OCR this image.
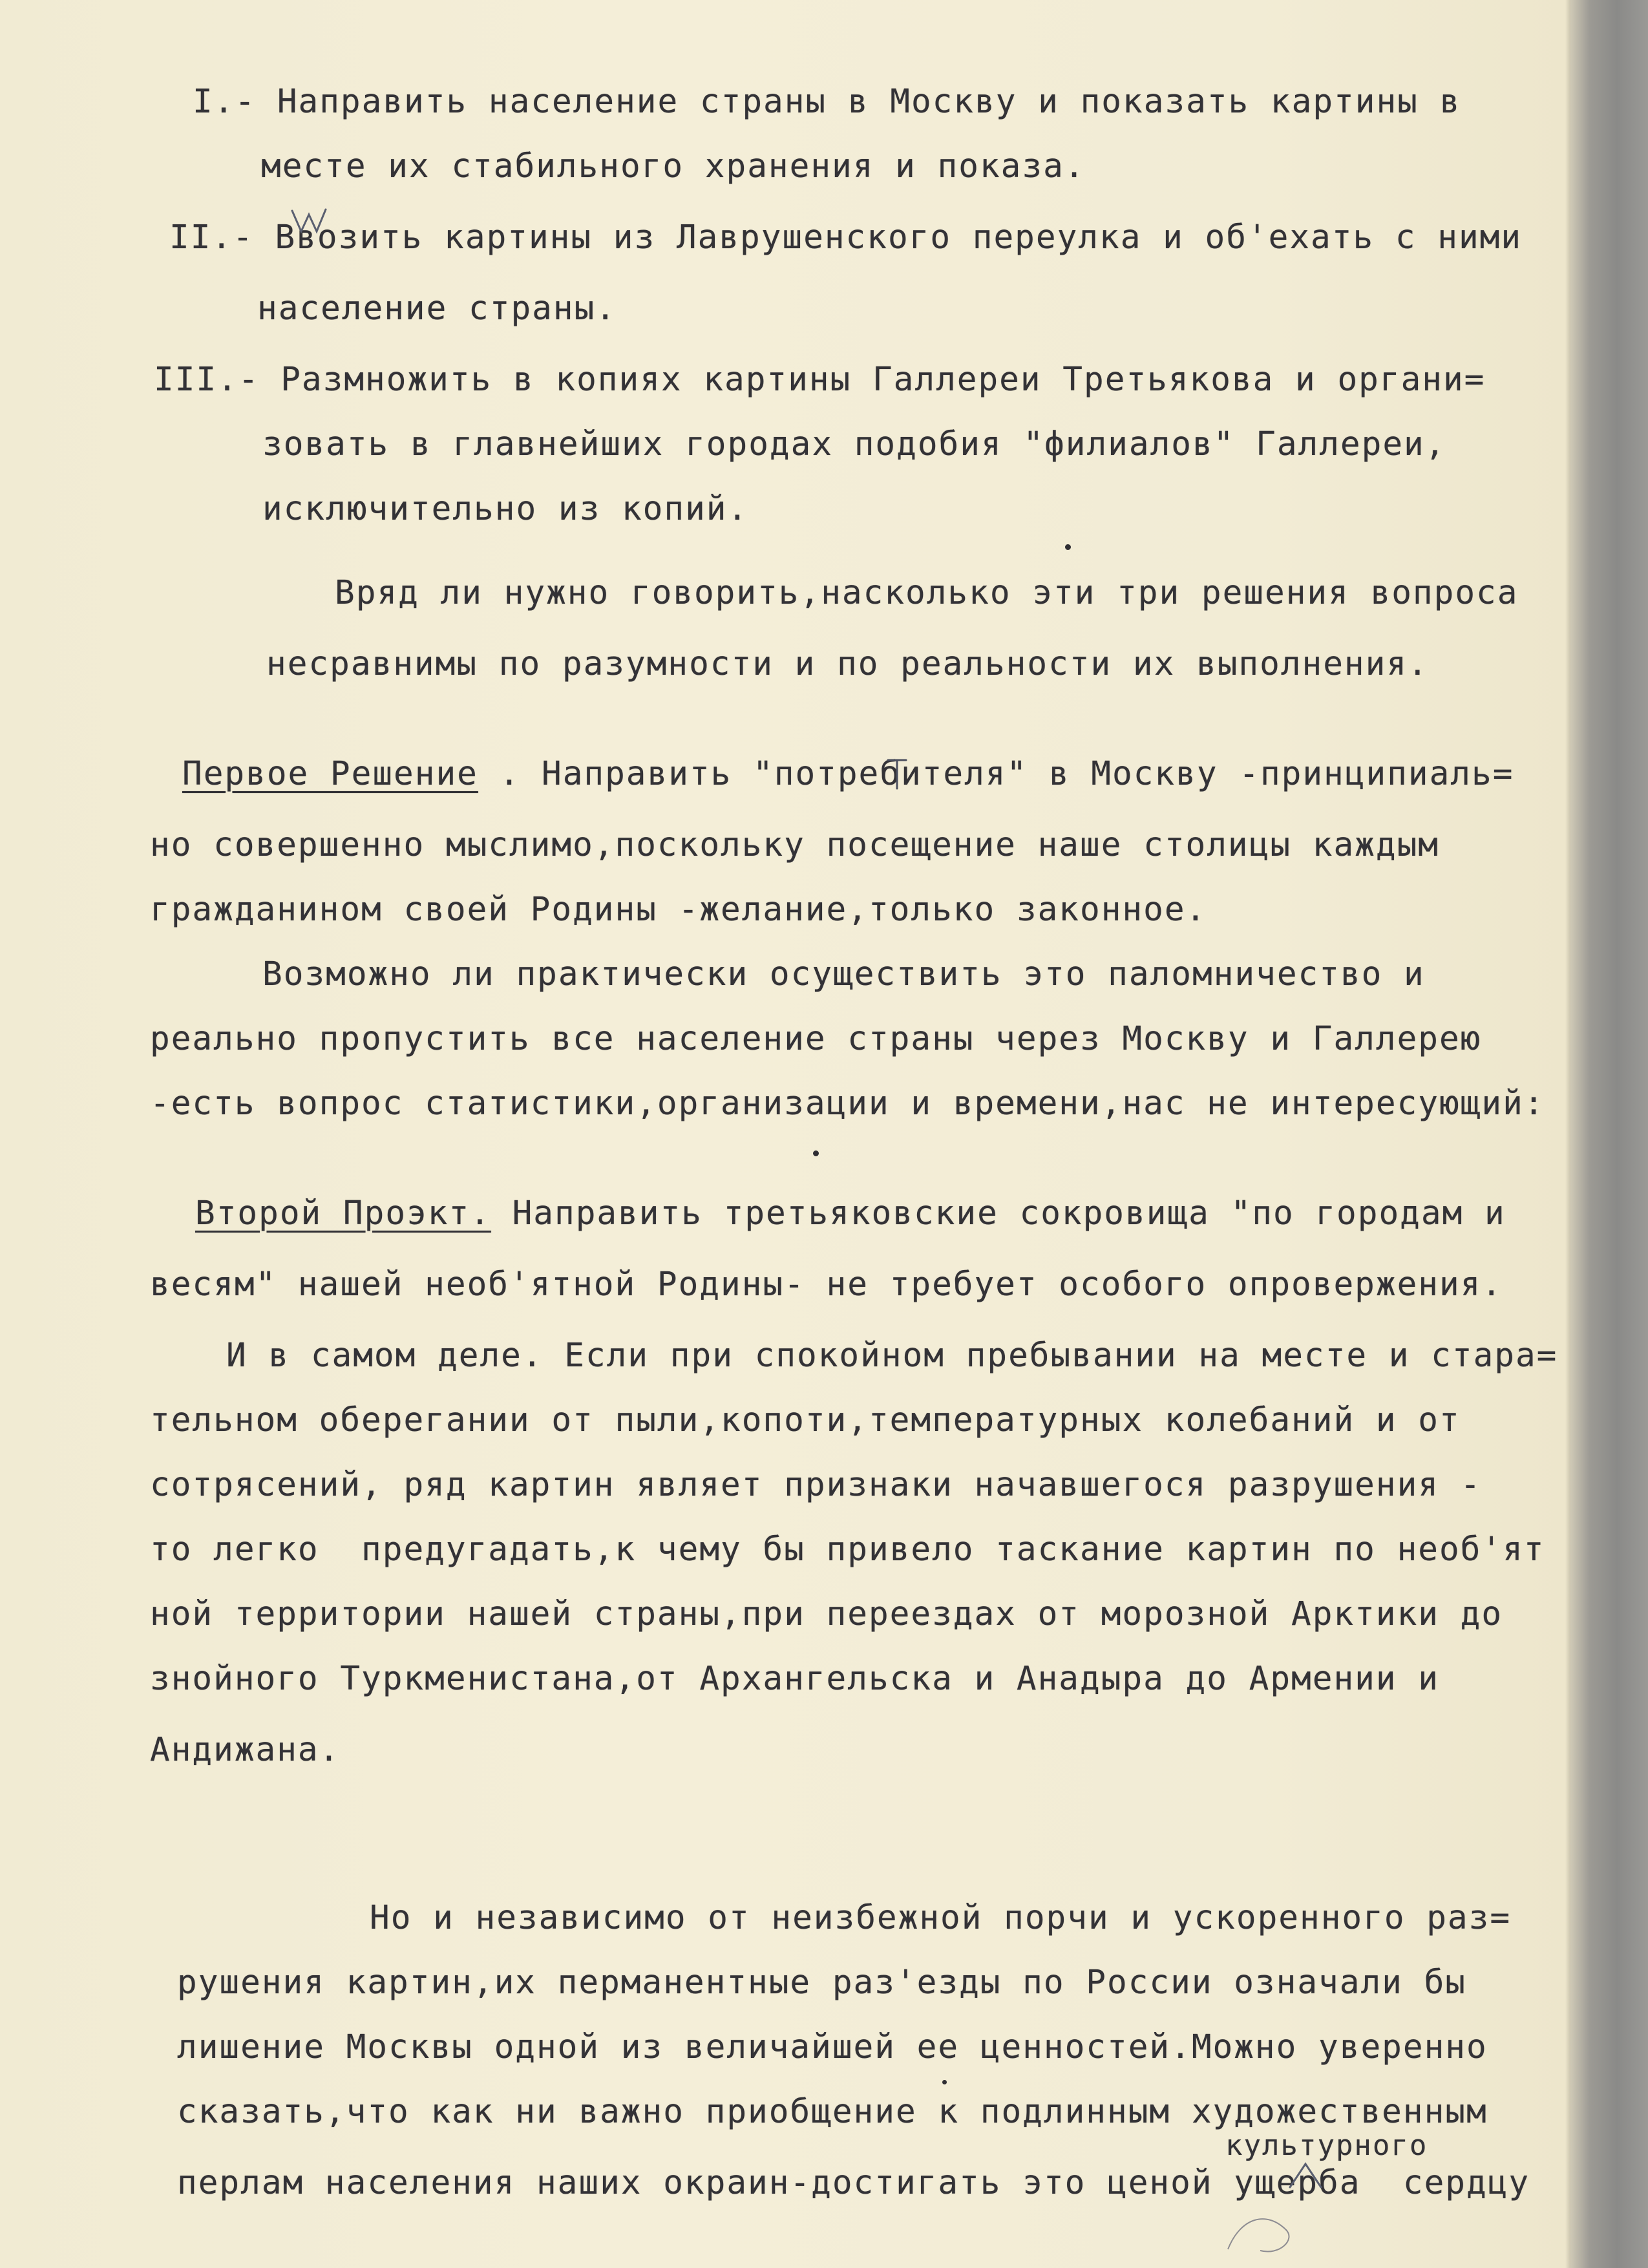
I.- Направить население страны в Москву и показать картины в
месте их стабильного хранения и показа.
II.- Ввозить картины из Лаврушенского переулка и об'ехать с ними
население страны.
III.- Размножить в копиях картины Галлереи Третьякова и органи=
зовать в главнейших городах подобия "филиалов" Галлереи,
исключительно из копий.
Вряд ли нужно говорить,насколько эти три решения вопроса
несравнимы по разумности и по реальности их выполнения.
Первое Решение . Направить "потребителя" в Москву -принципиаль=
но совершенно мыслимо,поскольку посещение наше столицы каждым
гражданином своей Родины -желание,только законное.
Возможно ли практически осуществить это паломничество и
реально пропустить все население страны через Москву и Галлерею
-есть вопрос статистики,организации и времени,нас не интересующий:
Второй Проэкт. Направить третьяковские сокровища "по городам и
весям" нашей необ'ятной Родины- не требует особого опровержения.
И в самом деле. Если при спокойном пребывании на месте и стара=
тельном оберегании от пыли,копоти,температурных колебаний и от
сотрясений, ряд картин являет признаки начавшегося разрушения -
то легко  предугадать,к чему бы привело таскание картин по необ'ят
ной территории нашей страны,при переездах от морозной Арктики до
знойного Туркменистана,от Архангельска и Анадыра до Армении и
Андижана.
Но и независимо от неизбежной порчи и ускоренного раз=
рушения картин,их перманентные раз'езды по России означали бы
лишение Москвы одной из величайшей ее ценностей.Можно уверенно
сказать,что как ни важно приобщение к подлинным художественным
культурного
перлам населения наших окраин-достигать это ценой ущерба  сердцу
